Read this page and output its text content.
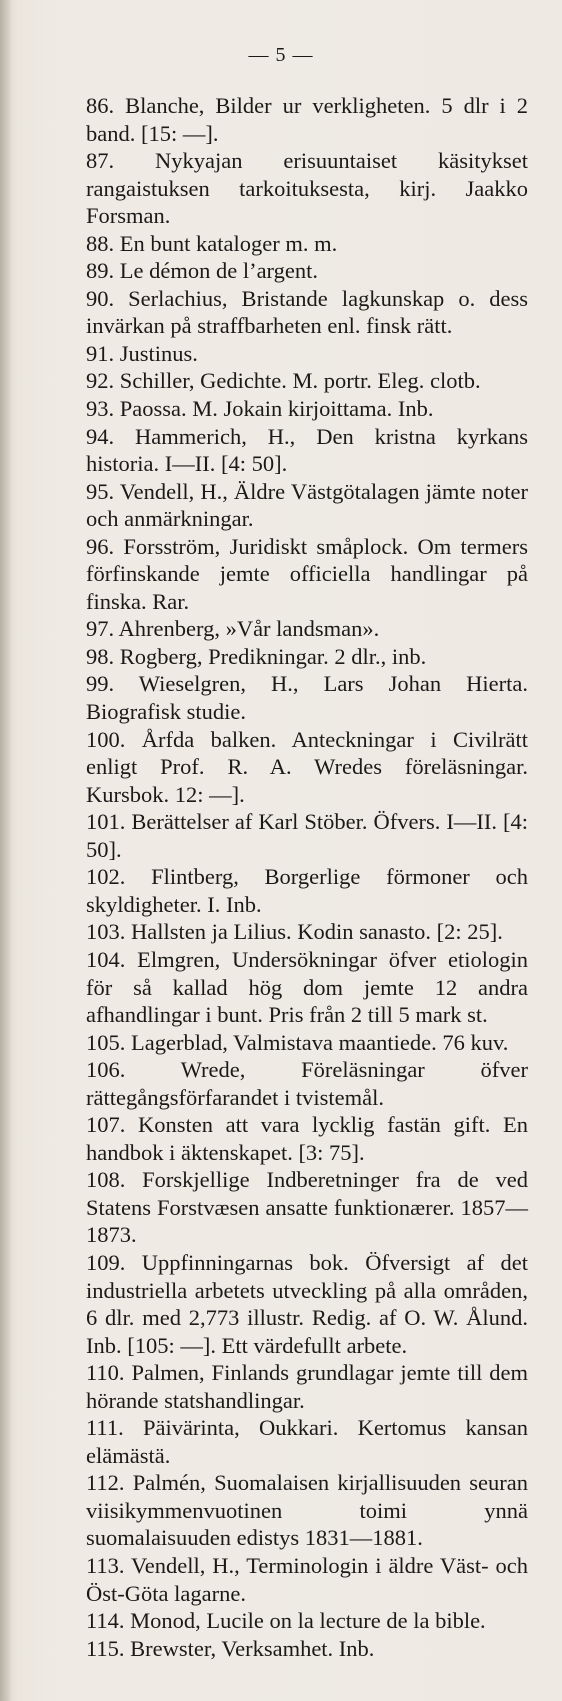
— 5 —

86. Blanche, Bilder ur verkligheten. 5 dlr i 2 band. [15: —].

87. Nykyajan erisuuntaiset käsitykset rangaistuksen tarkoituksesta, kirj. Jaakko Forsman.

88. En bunt kataloger m. m.

89. Le démon de l’argent.

90. Serlachius, Bristande lagkunskap o. dess invärkan på straffbarheten enl. finsk rätt.

91. Justinus.

92. Schiller, Gedichte. M. portr. Eleg. clotb.

93. Paossa. M. Jokain kirjoittama. Inb.

94. Hammerich, H., Den kristna kyrkans historia. I—II. [4: 50].

95. Vendell, H., Äldre Västgötalagen jämte noter och anmärkningar.

96. Forsström, Juridiskt småplock. Om termers förfinskande jemte officiella handlingar på finska. Rar.

97. Ahrenberg, »Vår landsman».

98. Rogberg, Predikningar. 2 dlr., inb.

99. Wieselgren, H., Lars Johan Hierta. Biografisk studie.

100. Årfda balken. Anteckningar i Civilrätt enligt Prof. R. A. Wredes föreläsningar. Kursbok. 12: —].

101. Berättelser af Karl Stöber. Öfvers. I—II. [4: 50].

102. Flintberg, Borgerlige förmoner och skyldigheter. I. Inb.

103. Hallsten ja Lilius. Kodin sanasto. [2: 25].

104. Elmgren, Undersökningar öfver etiologin för så kallad hög dom jemte 12 andra afhandlingar i bunt. Pris från 2 till 5 mark st.

105. Lagerblad, Valmistava maantiede. 76 kuv.

106. Wrede, Föreläsningar öfver rättegångsförfarandet i tvistemål.

107. Konsten att vara lycklig fastän gift. En handbok i äktenskapet. [3: 75].

108. Forskjellige Indberetninger fra de ved Statens Forstvæsen ansatte funktionærer. 1857—1873.

109. Uppfinningarnas bok. Öfversigt af det industriella arbetets utveckling på alla områden, 6 dlr. med 2,773 illustr. Redig. af O. W. Ålund. Inb. [105: —]. Ett värdefullt arbete.

110. Palmen, Finlands grundlagar jemte till dem hörande statshandlingar.

111. Päivärinta, Oukkari. Kertomus kansan elämästä.

112. Palmén, Suomalaisen kirjallisuuden seuran viisikymmenvuotinen toimi ynnä suomalaisuuden edistys 1831—1881.

113. Vendell, H., Terminologin i äldre Väst- och Öst-Göta lagarne.

114. Monod, Lucile on la lecture de la bible.

115. Brewster, Verksamhet. Inb.
